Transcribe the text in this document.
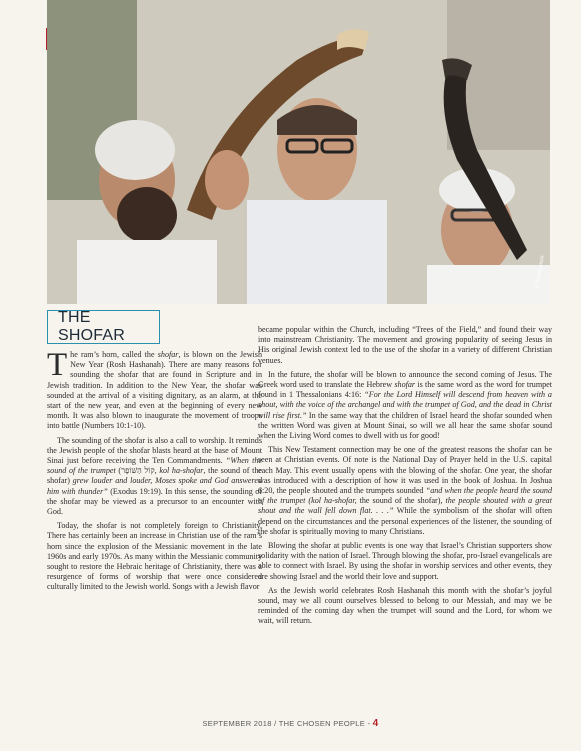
© Shutterstock
THE SHOFAR

The ram’s horn, called the shofar, is blown on the Jewish New Year (Rosh Hashanah). There are many reasons for sounding the shofar that are found in Scripture and in Jewish tradition. In addition to the New Year, the shofar was sounded at the arrival of a visiting dignitary, as an alarm, at the start of the new year, and even at the beginning of every new month. It was also blown to inaugurate the movement of troops into battle (Numbers 10:1-10).

The sounding of the shofar is also a call to worship. It reminds the Jewish people of the shofar blasts heard at the base of Mount Sinai just before receiving the Ten Commandments. “When the sound of the trumpet (קוֹל הַשּׁוֹפָר, kol ha-shofar, the sound of the shofar) grew louder and louder, Moses spoke and God answered him with thunder” (Exodus 19:19). In this sense, the sounding of the shofar may be viewed as a precursor to an encounter with God.

Today, the shofar is not completely foreign to Christianity. There has certainly been an increase in Christian use of the ram’s horn since the explosion of the Messianic movement in the late 1960s and early 1970s. As many within the Messianic community sought to restore the Hebraic heritage of Christianity, there was a resurgence of forms of worship that were once considered culturally limited to the Jewish world. Songs with a Jewish flavor

became popular within the Church, including “Trees of the Field,” and found their way into mainstream Christianity. The movement and growing popularity of seeing Jesus in His original Jewish context led to the use of the shofar in a variety of different Christian venues.

In the future, the shofar will be blown to announce the second coming of Jesus. The Greek word used to translate the Hebrew shofar is the same word as the word for trumpet found in 1 Thessalonians 4:16: “For the Lord Himself will descend from heaven with a shout, with the voice of the archangel and with the trumpet of God, and the dead in Christ will rise first.” In the same way that the children of Israel heard the shofar sounded when the written Word was given at Mount Sinai, so will we all hear the same shofar sound when the Living Word comes to dwell with us for good!

This New Testament connection may be one of the greatest reasons the shofar can be seen at Christian events. Of note is the National Day of Prayer held in the U.S. capital each May. This event usually opens with the blowing of the shofar. One year, the shofar was introduced with a description of how it was used in the book of Joshua. In Joshua 6:20, the people shouted and the trumpets sounded “and when the people heard the sound of the trumpet (kol ha-shofar, the sound of the shofar), the people shouted with a great shout and the wall fell down flat. . . .” While the symbolism of the shofar will often depend on the circumstances and the personal experiences of the listener, the sounding of the shofar is spiritually moving to many Christians.

Blowing the shofar at public events is one way that Israel’s Christian supporters show solidarity with the nation of Israel. Through blowing the shofar, pro-Israel evangelicals are able to connect with Israel. By using the shofar in worship services and other events, they are showing Israel and the world their love and support.

As the Jewish world celebrates Rosh Hashanah this month with the shofar’s joyful sound, may we all count ourselves blessed to belong to our Messiah, and may we be reminded of the coming day when the trumpet will sound and the Lord, for whom we wait, will return.

SEPTEMBER 2018 / THE CHOSEN PEOPLE - 4
